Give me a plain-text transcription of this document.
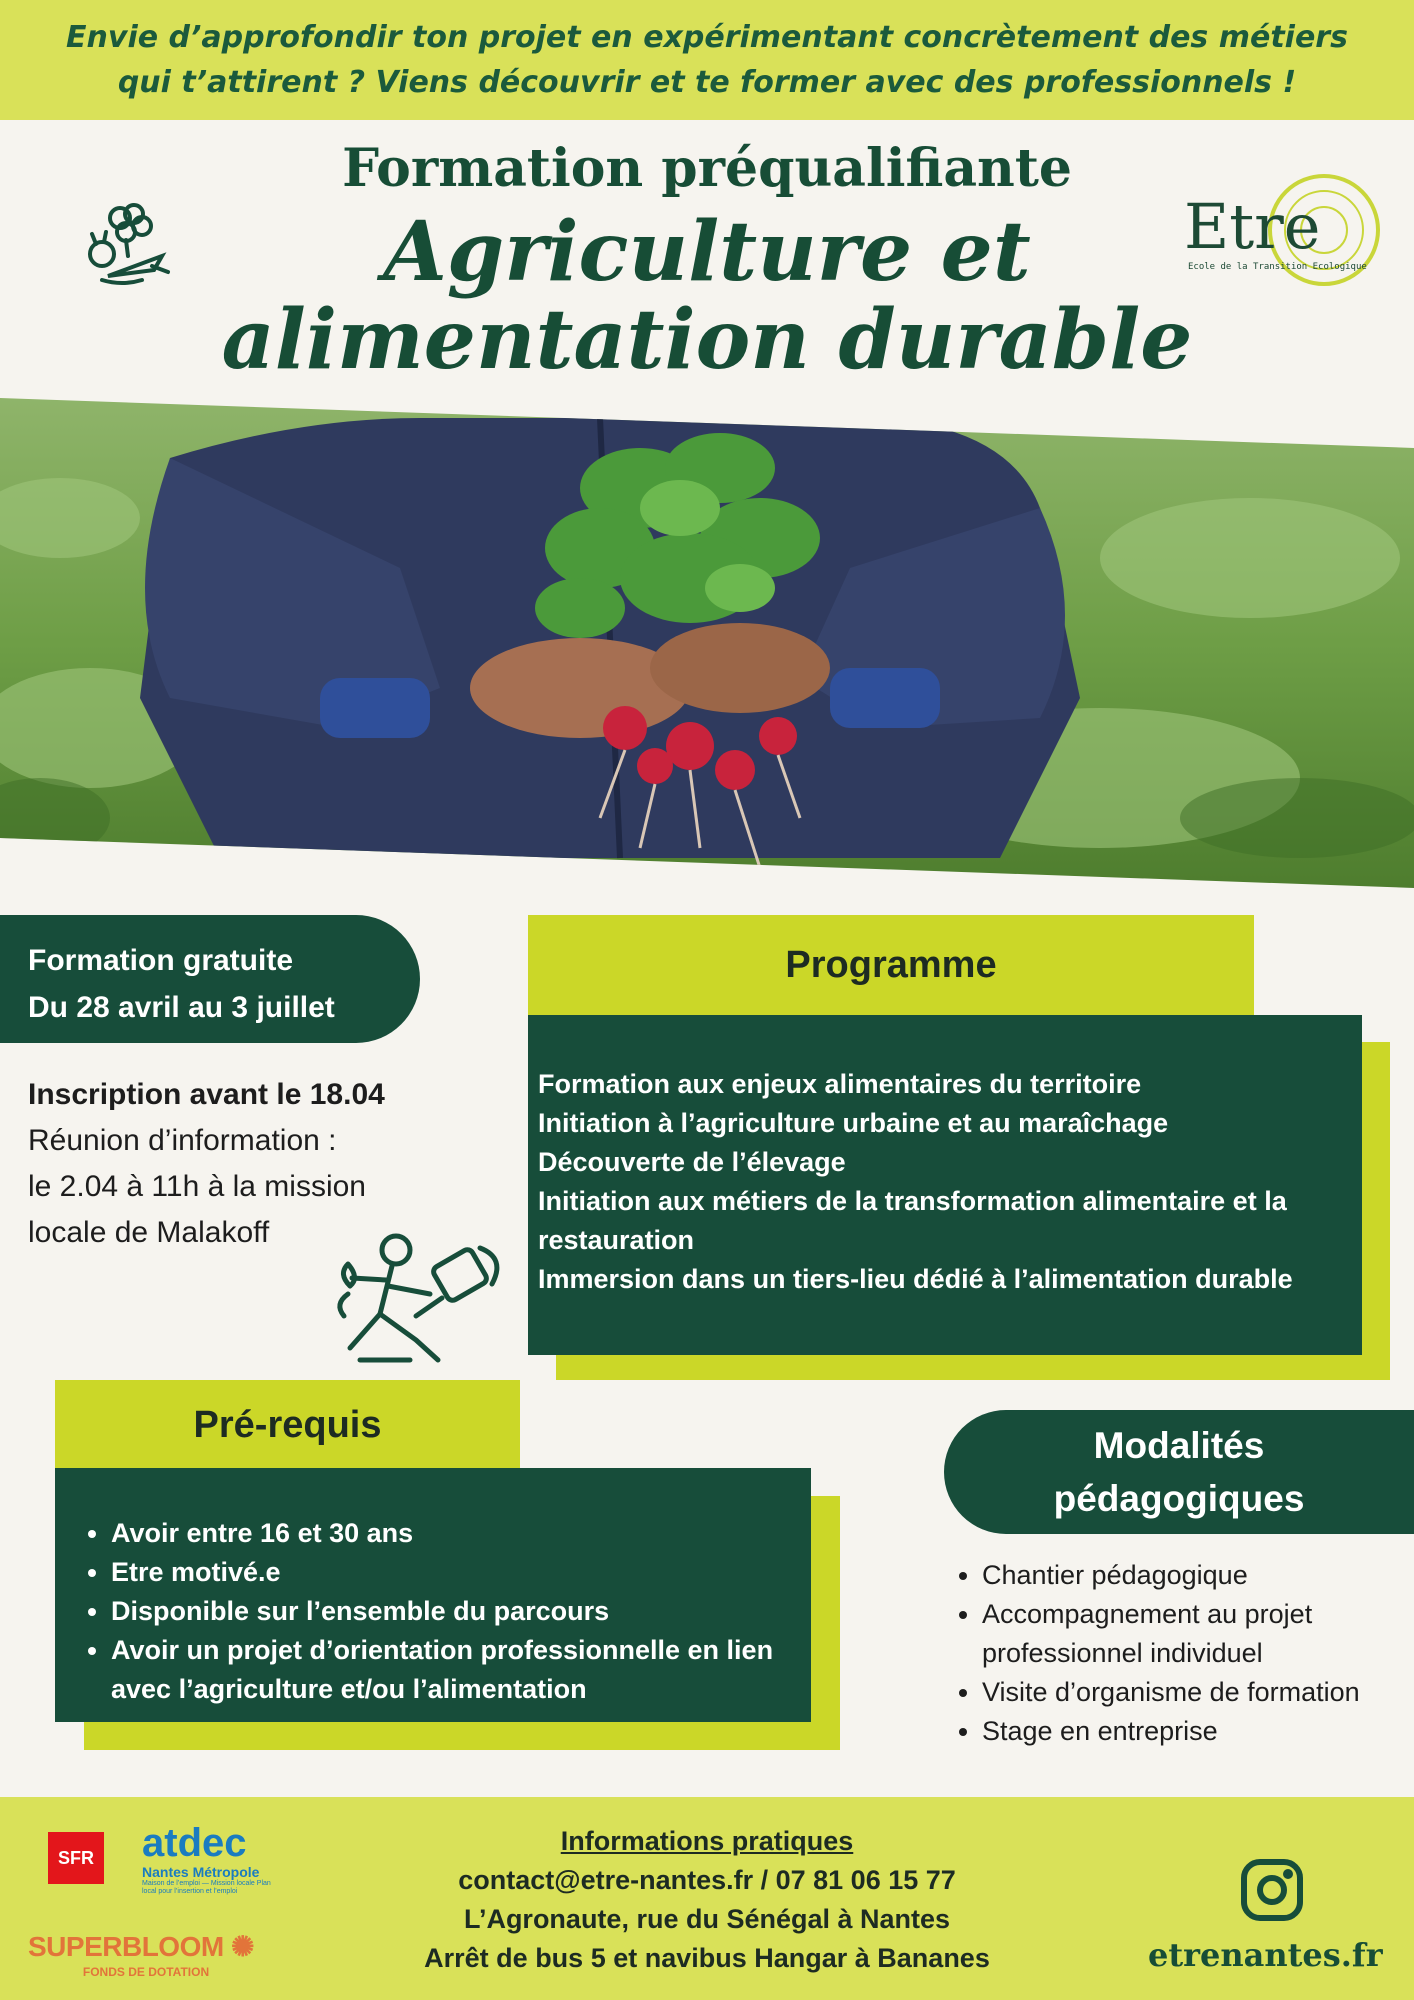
Envie d’approfondir ton projet en expérimentant concrètement des métiers qui t’attirent ? Viens découvrir et te former avec des professionnels !

Formation préqualifiante
Agriculture et alimentation durable
Etre
Ecole de la Transition Ecologique
Formation gratuite
Du 28 avril au 3 juillet
Inscription avant le 18.04
Réunion d’information :
le 2.04 à 11h à la mission
locale de Malakoff
Programme
Formation aux enjeux alimentaires du territoire
Initiation à l’agriculture urbaine et au maraîchage
Découverte de l’élevage
Initiation aux métiers de la transformation alimentaire et la restauration
Immersion dans un tiers-lieu dédié à l’alimentation durable
Pré-requis
• Avoir entre 16 et 30 ans
• Etre motivé.e
• Disponible sur l’ensemble du parcours
• Avoir un projet d’orientation professionnelle en lien avec l’agriculture et/ou l’alimentation
Modalités
pédagogiques
• Chantier pédagogique
• Accompagnement au projet professionnel individuel
• Visite d’organisme de formation
• Stage en entreprise
SFR atdec
Nantes Métropole
Maison de l’emploi — Mission locale Plan local pour l’insertion et l’emploi
SUPERBLOOM ✺
FONDS DE DOTATION
Informations pratiques
contact@etre-nantes.fr / 07 81 06 15 77
L’Agronaute, rue du Sénégal à Nantes
Arrêt de bus 5 et navibus Hangar à Bananes	etrenantes.fr
